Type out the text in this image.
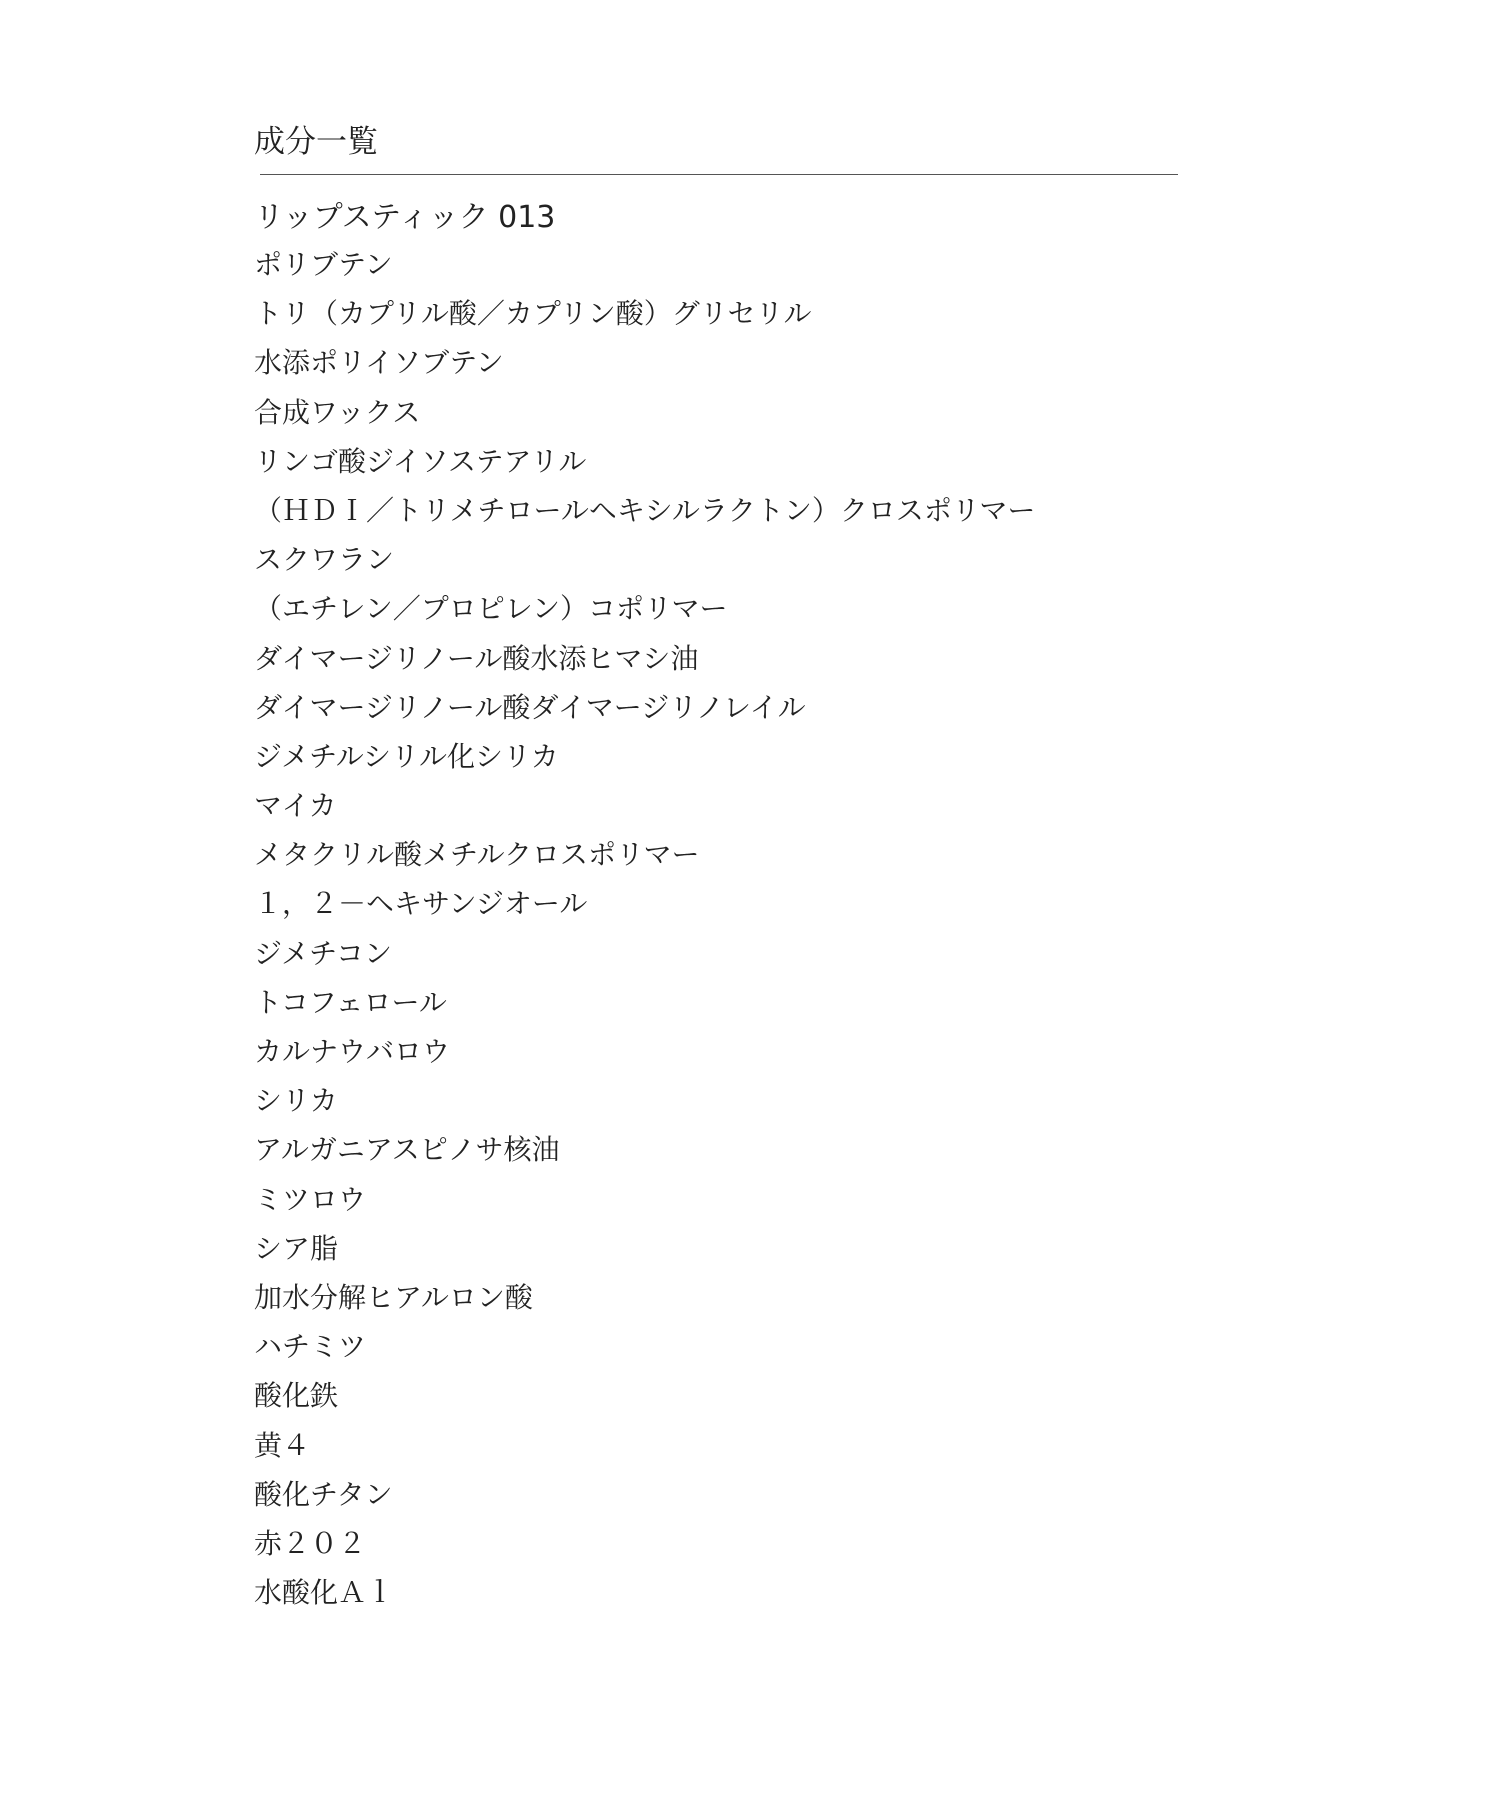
成分一覧
リップスティック 013
ポリブテン
トリ（カプリル酸／カプリン酸）グリセリル
水添ポリイソブテン
合成ワックス
リンゴ酸ジイソステアリル
（ＨＤＩ／トリメチロールヘキシルラクトン）クロスポリマー
スクワラン
（エチレン／プロピレン）コポリマー
ダイマージリノール酸水添ヒマシ油
ダイマージリノール酸ダイマージリノレイル
ジメチルシリル化シリカ
マイカ
メタクリル酸メチルクロスポリマー
１，２－ヘキサンジオール
ジメチコン
トコフェロール
カルナウバロウ
シリカ
アルガニアスピノサ核油
ミツロウ
シア脂
加水分解ヒアルロン酸
ハチミツ
酸化鉄
黄４
酸化チタン
赤２０２
水酸化Ａｌ
